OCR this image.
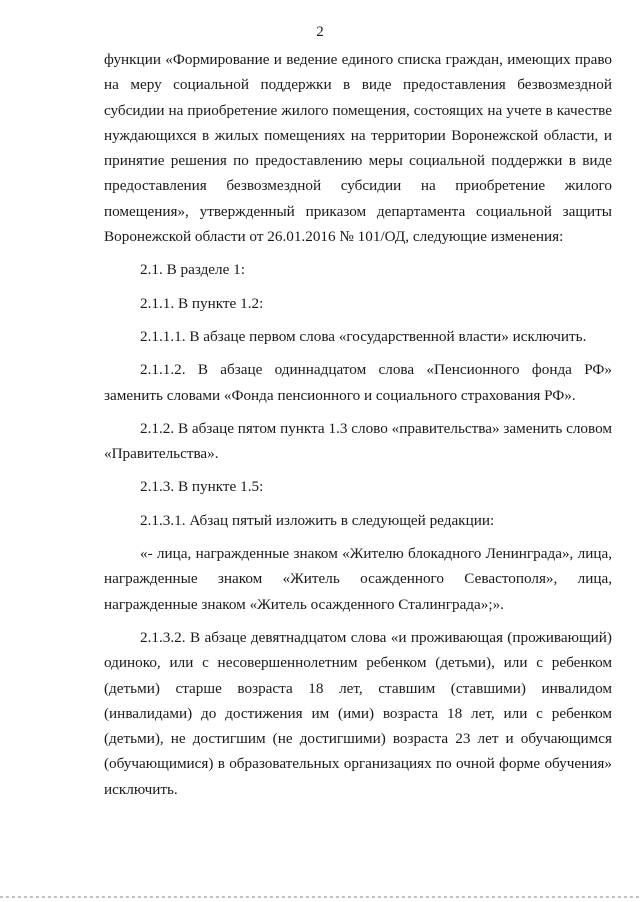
2

функции «Формирование и ведение единого списка граждан, имеющих право на меру социальной поддержки в виде предоставления безвозмездной субсидии на приобретение жилого помещения, состоящих на учете в качестве нуждающихся в жилых помещениях на территории Воронежской области, и принятие решения по предоставлению меры социальной поддержки в виде предоставления безвозмездной субсидии на приобретение жилого помещения», утвержденный приказом департамента социальной защиты Воронежской области от 26.01.2016 № 101/ОД, следующие изменения:

2.1. В разделе 1:

2.1.1. В пункте 1.2:

2.1.1.1. В абзаце первом слова «государственной власти» исключить.

2.1.1.2. В абзаце одиннадцатом слова «Пенсионного фонда РФ» заменить словами «Фонда пенсионного и социального страхования РФ».

2.1.2. В абзаце пятом пункта 1.3 слово «правительства» заменить словом «Правительства».

2.1.3. В пункте 1.5:

2.1.3.1. Абзац пятый изложить в следующей редакции:

«- лица, награжденные знаком «Жителю блокадного Ленинграда», лица, награжденные знаком «Житель осажденного Севастополя», лица, награжденные знаком «Житель осажденного Сталинграда»;».

2.1.3.2. В абзаце девятнадцатом слова «и проживающая (проживающий) одиноко, или с несовершеннолетним ребенком (детьми), или с ребенком (детьми) старше возраста 18 лет, ставшим (ставшими) инвалидом (инвалидами) до достижения им (ими) возраста 18 лет, или с ребенком (детьми), не достигшим (не достигшими) возраста 23 лет и обучающимся (обучающимися) в образовательных организациях по очной форме обучения» исключить.
